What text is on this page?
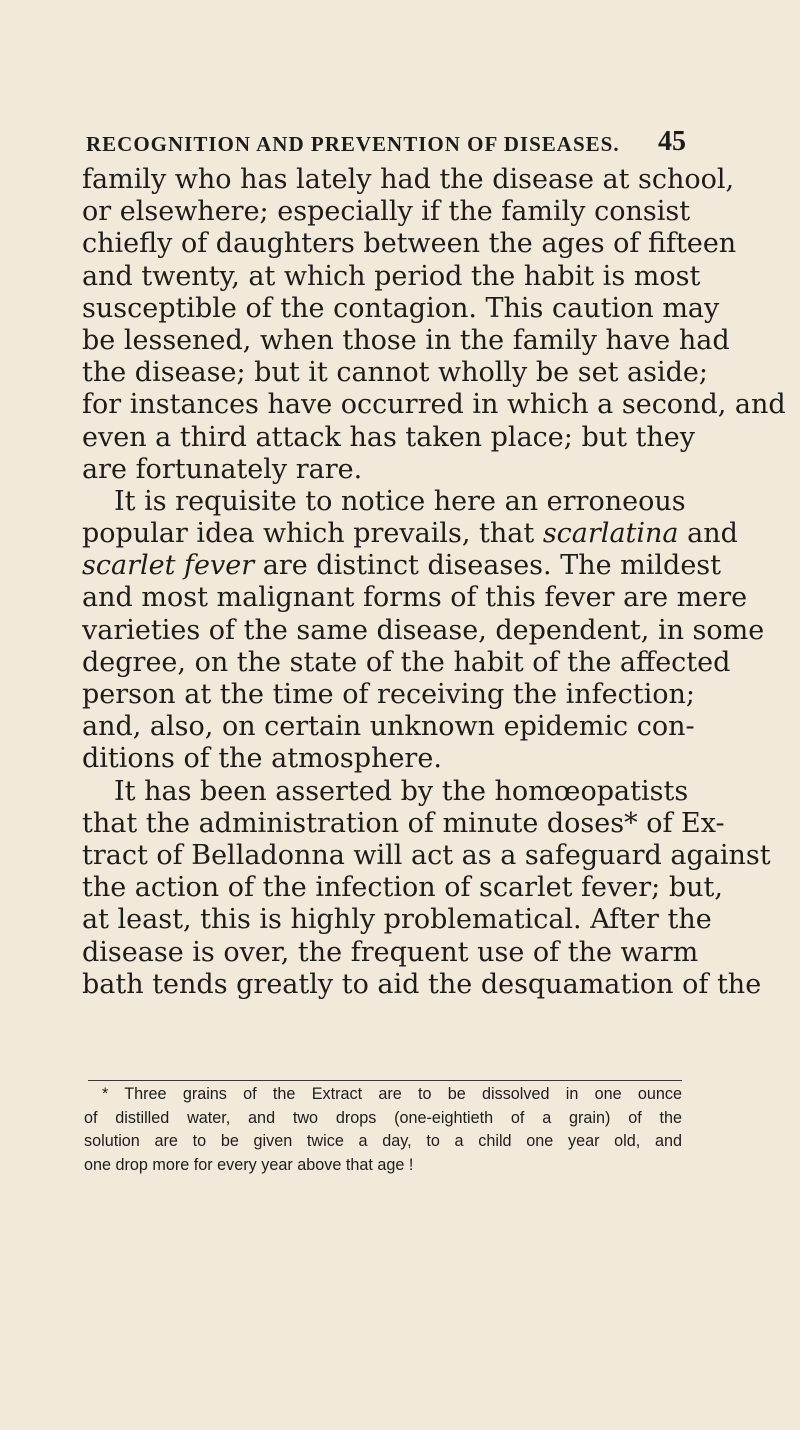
RECOGNITION AND PREVENTION OF DISEASES. 45
family who has lately had the disease at school,
or elsewhere; especially if the family consist
chiefly of daughters between the ages of fifteen
and twenty, at which period the habit is most
susceptible of the contagion. This caution may
be lessened, when those in the family have had
the disease; but it cannot wholly be set aside;
for instances have occurred in which a second, and
even a third attack has taken place; but they
are fortunately rare.
It is requisite to notice here an erroneous
popular idea which prevails, that scarlatina and
scarlet fever are distinct diseases. The mildest
and most malignant forms of this fever are mere
varieties of the same disease, dependent, in some
degree, on the state of the habit of the affected
person at the time of receiving the infection;
and, also, on certain unknown epidemic con-
ditions of the atmosphere.
It has been asserted by the homœopatists
that the administration of minute doses* of Ex-
tract of Belladonna will act as a safeguard against
the action of the infection of scarlet fever; but,
at least, this is highly problematical. After the
disease is over, the frequent use of the warm
bath tends greatly to aid the desquamation of the
* Three grains of the Extract are to be dissolved in one ounce
of distilled water, and two drops (one-eightieth of a grain) of the
solution are to be given twice a day, to a child one year old, and
one drop more for every year above that age !
